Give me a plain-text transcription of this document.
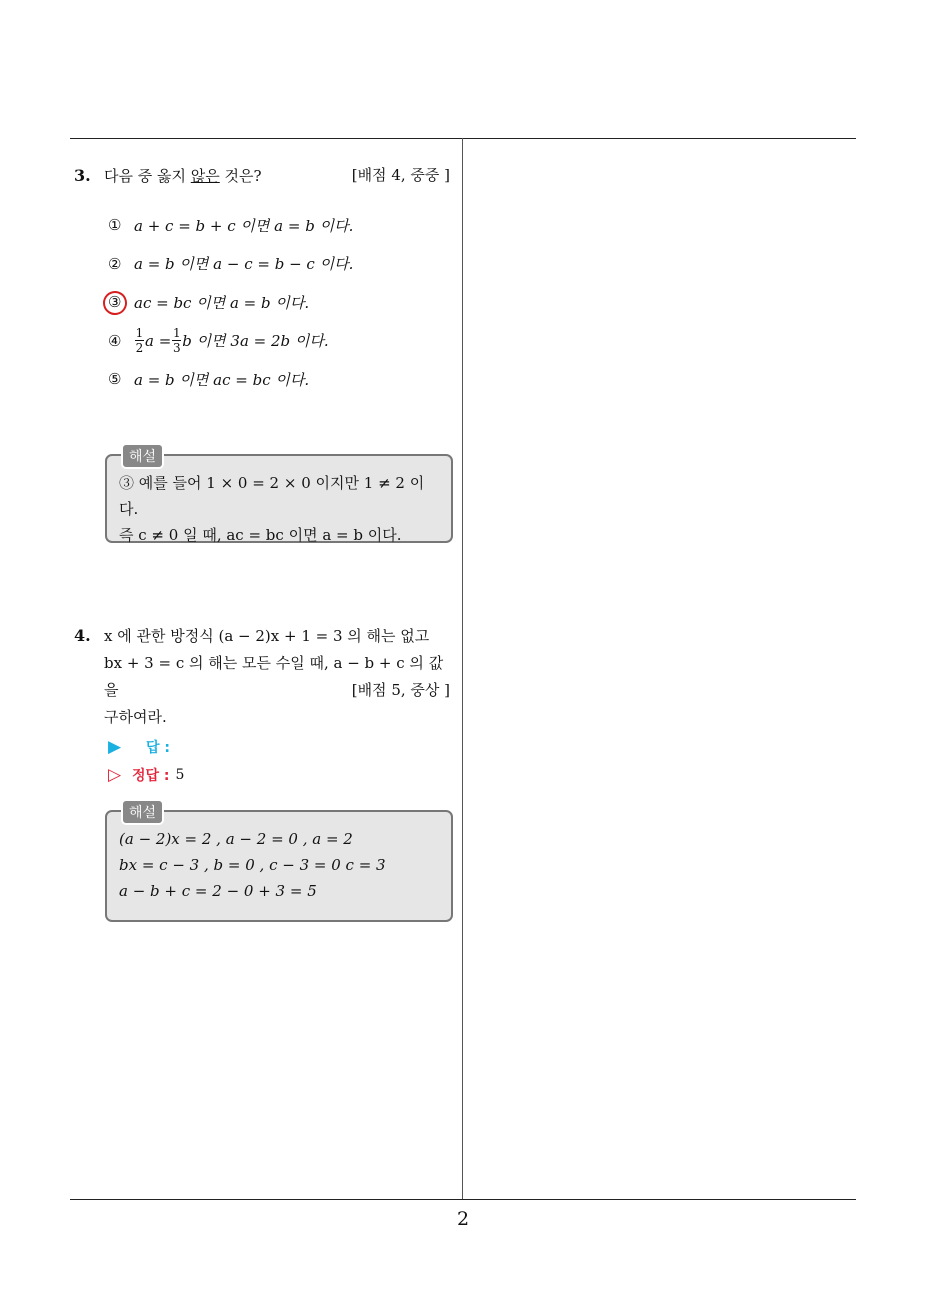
3. 다음 중 옳지 않은 것은?	[배점 4, 중중 ]
① a + c = b + c 이면 a = b 이다.
② a = b 이면 a − c = b − c 이다.
③ ac = bc 이면 a = b 이다.
④	$\frac{1}{2}$ $a = \frac{1}{3}$ b 이면 3a = 2b 이다.
⑤ a = b 이면 ac = bc 이다.
해설
③ 예를 들어 1 × 0 = 2 × 0 이지만 1 ≠ 2 이다.
즉 c ≠ 0 일 때, ac = bc 이면 a = b 이다.
4. x 에 관한 방정식 (a − 2)x + 1 = 3 의 해는 없고
bx + 3 = c 의 해는 모든 수일 때, a − b + c 의 값을
구하여라.
[배점 5, 중상 ]
▶	답 :
▷ 정답 : 5
해설
(a − 2)x = 2 , a − 2 = 0 , a = 2
bx = c − 3 , b = 0 , c − 3 = 0 c = 3
a − b + c = 2 − 0 + 3 = 5
2
